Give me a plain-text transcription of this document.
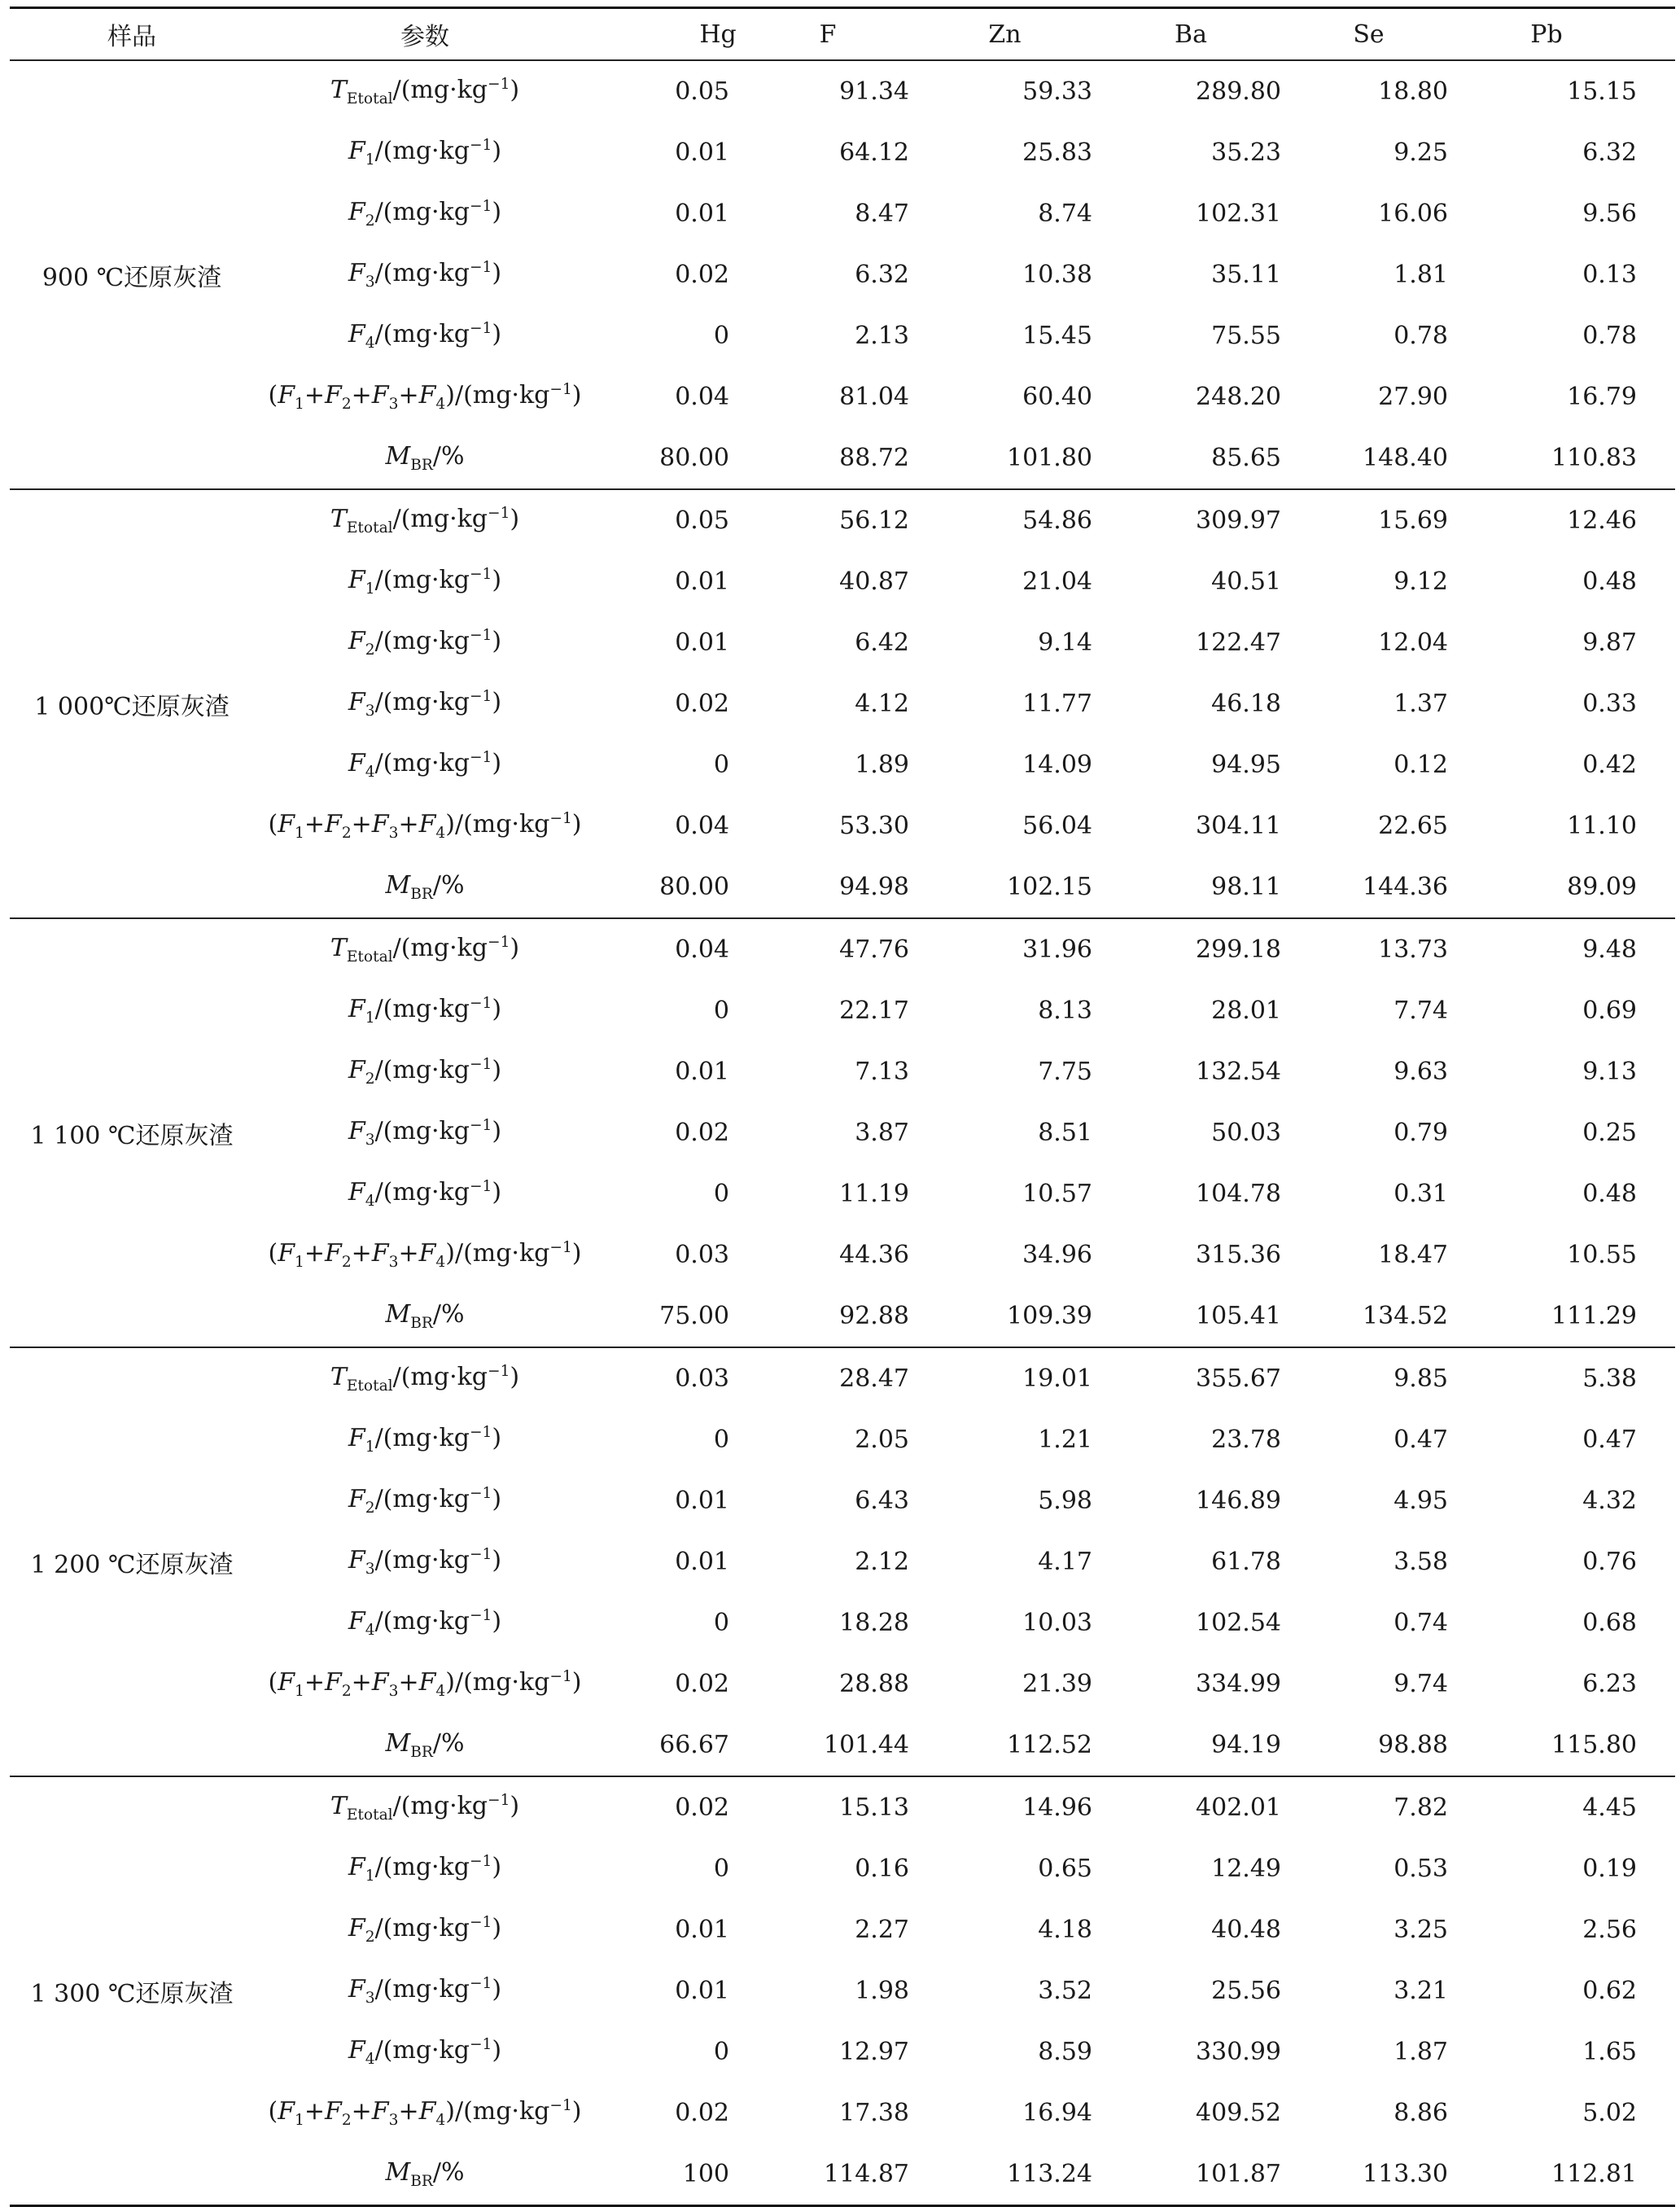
样品	参数	Hg	F	Zn	Ba	Se	Pb
900 ℃还原灰渣
$T_{Etotal}/(mg\cdot kg^{-1})$	0.05	91.34	59.33	289.80	18.80	15.15
$F_1/(mg\cdot kg^{-1})$	0.01	64.12	25.83	35.23	9.25	6.32
$F_2/(mg\cdot kg^{-1})$	0.01	8.47	8.74	102.31	16.06	9.56
$F_3/(mg\cdot kg^{-1})$	0.02	6.32	10.38	35.11	1.81	0.13
$F_4/(mg\cdot kg^{-1})$	0	2.13	15.45	75.55	0.78	0.78
$(F_1+F_2+F_3+F_4)/(mg\cdot kg^{-1})$	0.04	81.04	60.40	248.20	27.90	16.79
$M_{BR}/\%$	80.00	88.72	101.80	85.65	148.40	110.83
1 000℃还原灰渣
$T_{Etotal}/(mg\cdot kg^{-1})$	0.05	56.12	54.86	309.97	15.69	12.46
$F_1/(mg\cdot kg^{-1})$	0.01	40.87	21.04	40.51	9.12	0.48
$F_2/(mg\cdot kg^{-1})$	0.01	6.42	9.14	122.47	12.04	9.87
$F_3/(mg\cdot kg^{-1})$	0.02	4.12	11.77	46.18	1.37	0.33
$F_4/(mg\cdot kg^{-1})$	0	1.89	14.09	94.95	0.12	0.42
$(F_1+F_2+F_3+F_4)/(mg\cdot kg^{-1})$	0.04	53.30	56.04	304.11	22.65	11.10
$M_{BR}/\%$	80.00	94.98	102.15	98.11	144.36	89.09
1 100 ℃还原灰渣
$T_{Etotal}/(mg\cdot kg^{-1})$	0.04	47.76	31.96	299.18	13.73	9.48
$F_1/(mg\cdot kg^{-1})$	0	22.17	8.13	28.01	7.74	0.69
$F_2/(mg\cdot kg^{-1})$	0.01	7.13	7.75	132.54	9.63	9.13
$F_3/(mg\cdot kg^{-1})$	0.02	3.87	8.51	50.03	0.79	0.25
$F_4/(mg\cdot kg^{-1})$	0	11.19	10.57	104.78	0.31	0.48
$(F_1+F_2+F_3+F_4)/(mg\cdot kg^{-1})$	0.03	44.36	34.96	315.36	18.47	10.55
$M_{BR}/\%$	75.00	92.88	109.39	105.41	134.52	111.29
1 200 ℃还原灰渣
$T_{Etotal}/(mg\cdot kg^{-1})$	0.03	28.47	19.01	355.67	9.85	5.38
$F_1/(mg\cdot kg^{-1})$	0	2.05	1.21	23.78	0.47	0.47
$F_2/(mg\cdot kg^{-1})$	0.01	6.43	5.98	146.89	4.95	4.32
$F_3/(mg\cdot kg^{-1})$	0.01	2.12	4.17	61.78	3.58	0.76
$F_4/(mg\cdot kg^{-1})$	0	18.28	10.03	102.54	0.74	0.68
$(F_1+F_2+F_3+F_4)/(mg\cdot kg^{-1})$	0.02	28.88	21.39	334.99	9.74	6.23
$M_{BR}/\%$	66.67	101.44	112.52	94.19	98.88	115.80
1 300 ℃还原灰渣
$T_{Etotal}/(mg\cdot kg^{-1})$	0.02	15.13	14.96	402.01	7.82	4.45
$F_1/(mg\cdot kg^{-1})$	0	0.16	0.65	12.49	0.53	0.19
$F_2/(mg\cdot kg^{-1})$	0.01	2.27	4.18	40.48	3.25	2.56
$F_3/(mg\cdot kg^{-1})$	0.01	1.98	3.52	25.56	3.21	0.62
$F_4/(mg\cdot kg^{-1})$	0	12.97	8.59	330.99	1.87	1.65
$(F_1+F_2+F_3+F_4)/(mg\cdot kg^{-1})$	0.02	17.38	16.94	409.52	8.86	5.02
$M_{BR}/\%$	100	114.87	113.24	101.87	113.30	112.81
